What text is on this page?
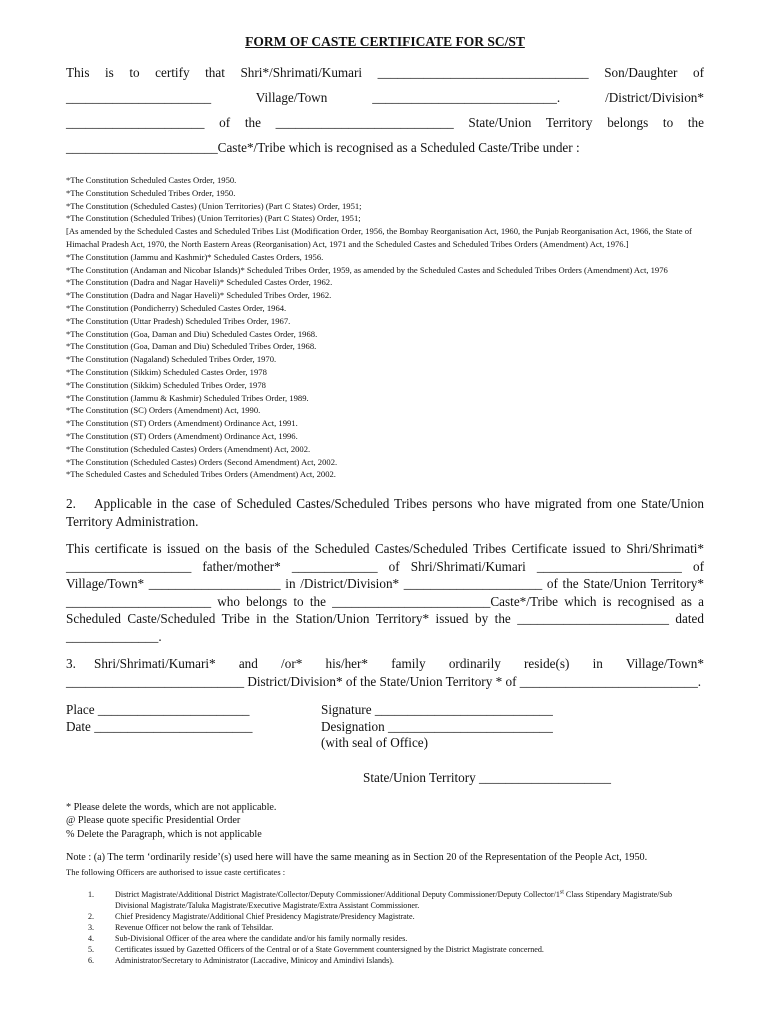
FORM OF CASTE CERTIFICATE FOR SC/ST

This is to certify that Shri*/Shrimati/Kumari ________________________________ Son/Daughter of

______________________ Village/Town ____________________________. /District/Division*

_____________________ of the ___________________________ State/Union Territory belongs to the

_______________________Caste*/Tribe which is recognised as a Scheduled Caste/Tribe under :

*The Constitution Scheduled Castes Order, 1950.

*The Constitution Scheduled Tribes Order, 1950.

*The Constitution (Scheduled Castes) (Union Territories) (Part C States) Order, 1951;

*The Constitution (Scheduled Tribes) (Union Territories) (Part C States) Order, 1951;

[As amended by the Scheduled Castes and Scheduled Tribes List (Modification Order, 1956, the Bombay Reorganisation Act, 1960, the Punjab Reorganisation Act, 1966, the State of Himachal Pradesh Act, 1970, the North Eastern Areas (Reorganisation) Act, 1971 and the Scheduled Castes and Scheduled Tribes Orders (Amendment) Act, 1976.]

*The Constitution (Jammu and Kashmir)* Scheduled Castes Orders, 1956.

*The Constitution (Andaman and Nicobar Islands)* Scheduled Tribes Order, 1959, as amended by the Scheduled Castes and Scheduled Tribes Orders (Amendment) Act, 1976

*The Constitution (Dadra and Nagar Haveli)* Scheduled Castes Order, 1962.

*The Constitution (Dadra and Nagar Haveli)* Scheduled Tribes Order, 1962.

*The Constitution (Pondicherry) Scheduled Castes Order, 1964.

*The Constitution (Uttar Pradesh) Scheduled Tribes Order, 1967.

*The Constitution (Goa, Daman and Diu) Scheduled Castes Order, 1968.

*The Constitution (Goa, Daman and Diu) Scheduled Tribes Order, 1968.

*The Constitution (Nagaland) Scheduled Tribes Order, 1970.

*The Constitution (Sikkim) Scheduled Castes Order, 1978

*The Constitution (Sikkim) Scheduled Tribes Order, 1978

*The Constitution (Jammu & Kashmir) Scheduled Tribes Order, 1989.

*The Constitution (SC) Orders (Amendment) Act, 1990.

*The Constitution (ST) Orders (Amendment) Ordinance Act, 1991.

*The Constitution (ST) Orders (Amendment) Ordinance Act, 1996.

*The Constitution (Scheduled Castes) Orders (Amendment) Act, 2002.

*The Constitution (Scheduled Castes) Orders (Second Amendment) Act, 2002.

*The Scheduled Castes and Scheduled Tribes Orders (Amendment) Act, 2002.

2. Applicable in the case of Scheduled Castes/Scheduled Tribes persons who have migrated from one State/Union Territory Administration.

This certificate is issued on the basis of the Scheduled Castes/Scheduled Tribes Certificate issued to Shri/Shrimati* ___________________ father/mother* _____________ of Shri/Shrimati/Kumari ______________________ of Village/Town* ____________________ in /District/Division* _____________________ of the State/Union Territory* ______________________ who belongs to the ________________________Caste*/Tribe which is recognised as a Scheduled Caste/Scheduled Tribe in the Station/Union Territory* issued by the _______________________ dated ______________.

3. Shri/Shrimati/Kumari* and /or* his/her* family ordinarily reside(s) in Village/Town* ___________________________ District/Division* of the State/Union Territory * of ___________________________.

Place _______________________
Date ________________________
Signature ___________________________
Designation _________________________
(with seal of Office)
State/Union Territory ____________________
* Please delete the words, which are not applicable.
@ Please quote specific Presidential Order
% Delete the Paragraph, which is not applicable
Note : (a) The term ‘ordinarily reside’(s) used here will have the same meaning as in Section 20 of the Representation of the People Act, 1950.
The following Officers are authorised to issue caste certificates :
1.	District Magistrate/Additional District Magistrate/Collector/Deputy Commissioner/Additional Deputy Commissioner/Deputy Collector/1st Class Stipendary Magistrate/Sub Divisional Magistrate/Taluka Magistrate/Executive Magistrate/Extra Assistant Commissioner.
2.	Chief Presidency Magistrate/Additional Chief Presidency Magistrate/Presidency Magistrate.
3.	Revenue Officer not below the rank of Tehsildar.
4.	Sub-Divisional Officer of the area where the candidate and/or his family normally resides.
5.	Certificates issued by Gazetted Officers of the Central or of a State Government countersigned by the District Magistrate concerned.
6.	Administrator/Secretary to Administrator (Laccadive, Minicoy and Amindivi Islands).
